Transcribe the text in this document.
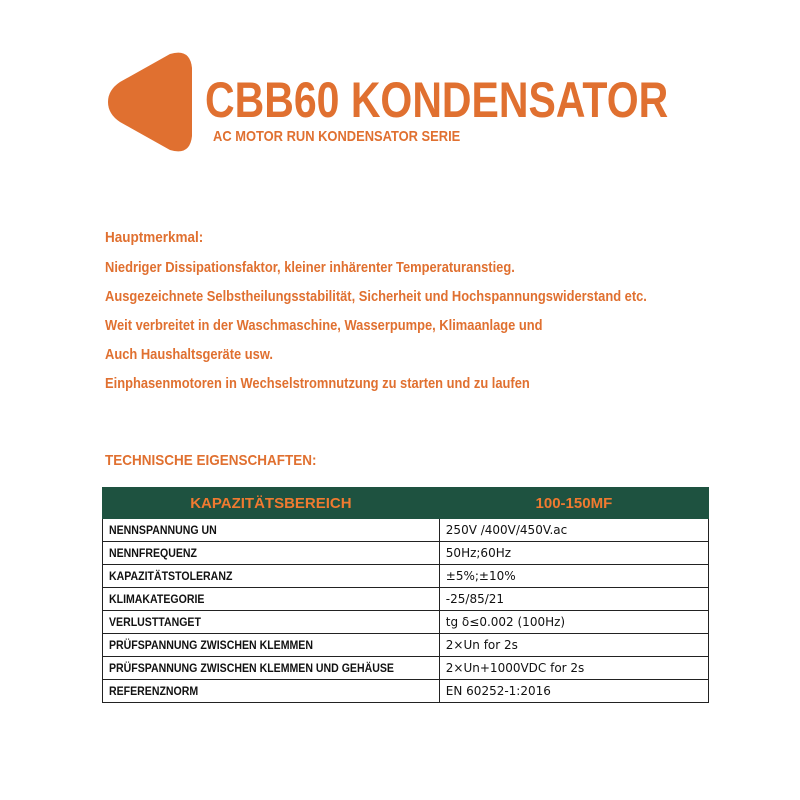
CBB60 KONDENSATOR
AC MOTOR RUN KONDENSATOR SERIE
Hauptmerkmal:
Niedriger Dissipationsfaktor, kleiner inhärenter Temperaturanstieg.
Ausgezeichnete Selbstheilungsstabilität, Sicherheit und Hochspannungswiderstand etc.
Weit verbreitet in der Waschmaschine, Wasserpumpe, Klimaanlage und
Auch Haushaltsgeräte usw.
Einphasenmotoren in Wechselstromnutzung zu starten und zu laufen
TECHNISCHE EIGENSCHAFTEN:
KAPAZITÄTSBEREICH	100-150MF
NENNSPANNUNG UN	250V /400V/450V.ac
NENNFREQUENZ	50Hz;60Hz
KAPAZITÄTSTOLERANZ	±5%;±10%
KLIMAKATEGORIE	-25/85/21
VERLUSTTANGET	tg δ≤0.002 (100Hz)
PRÜFSPANNUNG ZWISCHEN KLEMMEN	2×Un for 2s
PRÜFSPANNUNG ZWISCHEN KLEMMEN UND GEHÄUSE	2×Un+1000VDC for 2s
REFERENZNORM	EN 60252-1:2016
